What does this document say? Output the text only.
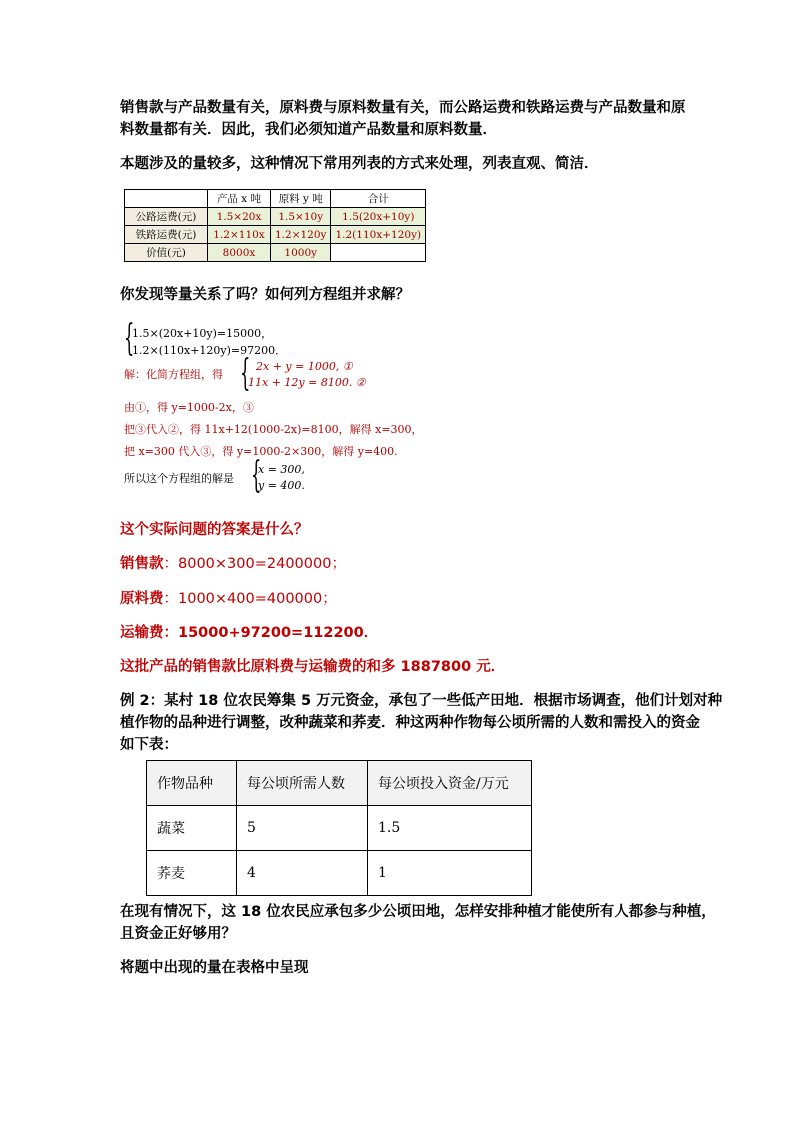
销售款与产品数量有关，原料费与原料数量有关，而公路运费和铁路运费与产品数量和原

料数量都有关．因此，我们必须知道产品数量和原料数量．

本题涉及的量较多，这种情况下常用列表的方式来处理，列表直观、简洁．

	产品 x 吨	原料 y 吨	合计
公路运费(元)	1.5×20x	1.5×10y	1.5(20x+10y)
铁路运费(元)	1.2×110x	1.2×120y	1.2(110x+120y)
价值(元)	8000x	1000y	

你发现等量关系了吗？如何列方程组并求解？

{
1.5×(20x+10y)=15000，
1.2×(110x+120y)=97200．
解：化简方程组，得 { 2x + y = 1000, ①
11x + 12y = 8100. ②
由①，得 y=1000-2x，③
把③代入②，得 11x+12(1000-2x)=8100，解得 x=300，
把 x=300 代入③，得 y=1000-2×300，解得 y=400.
所以这个方程组的解是 {
x = 300,
y = 400.

这个实际问题的答案是什么？

销售款：8000×300=2400000；

原料费：1000×400=400000；

运输费：15000+97200=112200．

这批产品的销售款比原料费与运输费的和多 1887800 元．

例 2：某村 18 位农民筹集 5 万元资金，承包了一些低产田地．根据市场调查，他们计划对种

植作物的品种进行调整，改种蔬菜和荞麦．种这两种作物每公顷所需的人数和需投入的资金

如下表：

作物品种	每公顷所需人数	每公顷投入资金/万元
蔬菜	5	1.5
荞麦	4	1

在现有情况下，这 18 位农民应承包多少公顷田地，怎样安排种植才能使所有人都参与种植，

且资金正好够用？

将题中出现的量在表格中呈现
